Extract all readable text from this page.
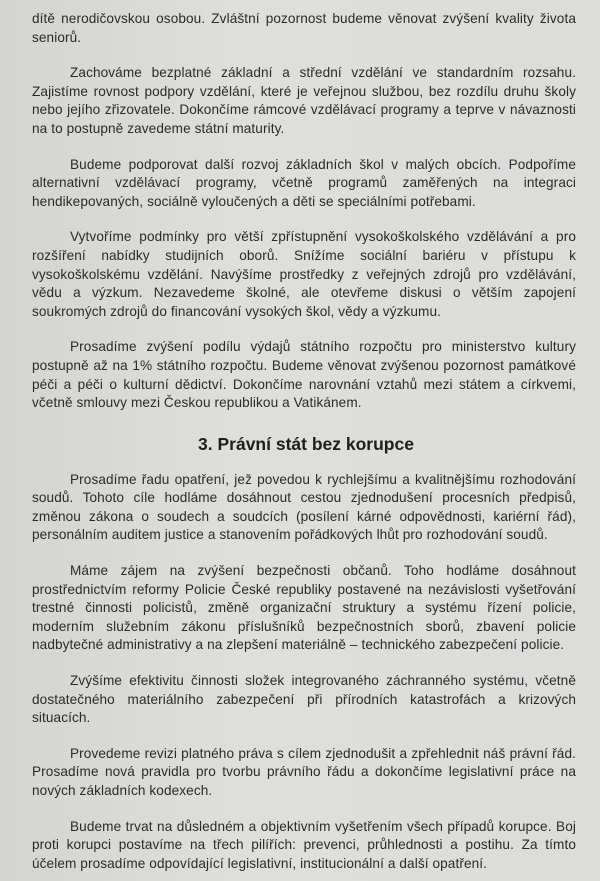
dítě nerodičovskou osobou. Zvláštní pozornost budeme věnovat zvýšení kvality života seniorů.

Zachováme bezplatné základní a střední vzdělání ve standardním rozsahu. Zajistíme rovnost podpory vzdělání, které je veřejnou službou, bez rozdílu druhu školy nebo jejího zřizovatele. Dokončíme rámcové vzdělávací programy a teprve v návaznosti na to postupně zavedeme státní maturity.

Budeme podporovat další rozvoj základních škol v malých obcích. Podpoříme alternativní vzdělávací programy, včetně programů zaměřených na integraci hendikepovaných, sociálně vyloučených a děti se speciálními potřebami.

Vytvoříme podmínky pro větší zpřístupnění vysokoškolského vzdělávání a pro rozšíření nabídky studijních oborů. Snížíme sociální bariéru v přístupu k vysokoškolskému vzdělání. Navýšíme prostředky z veřejných zdrojů pro vzdělávání, vědu a výzkum. Nezavedeme školné, ale otevřeme diskusi o větším zapojení soukromých zdrojů do financování vysokých škol, vědy a výzkumu.

Prosadíme zvýšení podílu výdajů státního rozpočtu pro ministerstvo kultury postupně až na 1% státního rozpočtu. Budeme věnovat zvýšenou pozornost památkové péči a péči o kulturní dědictví. Dokončíme narovnání vztahů mezi státem a církvemi, včetně smlouvy mezi Českou republikou a Vatikánem.

3. Právní stát bez korupce

Prosadíme řadu opatření, jež povedou k rychlejšímu a kvalitnějšímu rozhodování soudů. Tohoto cíle hodláme dosáhnout cestou zjednodušení procesních předpisů, změnou zákona o soudech a soudcích (posílení kárné odpovědnosti, kariérní řád), personálním auditem justice a stanovením pořádkových lhůt pro rozhodování soudů.

Máme zájem na zvýšení bezpečnosti občanů. Toho hodláme dosáhnout prostřednictvím reformy Policie České republiky postavené na nezávislosti vyšetřování trestné činnosti policistů, změně organizační struktury a systému řízení policie, moderním služebním zákonu příslušníků bezpečnostních sborů, zbavení policie nadbytečné administrativy a na zlepšení materiálně – technického zabezpečení policie.

Zvýšíme efektivitu činnosti složek integrovaného záchranného systému, včetně dostatečného materiálního zabezpečení při přírodních katastrofách a krizových situacích.

Provedeme revizi platného práva s cílem zjednodušit a zpřehlednit náš právní řád. Prosadíme nová pravidla pro tvorbu právního řádu a dokončíme legislativní práce na nových základních kodexech.

Budeme trvat na důsledném a objektivním vyšetřením všech případů korupce. Boj proti korupci postavíme na třech pilířích: prevenci, průhlednosti a postihu. Za tímto účelem prosadíme odpovídající legislativní, institucionální a další opatření.
